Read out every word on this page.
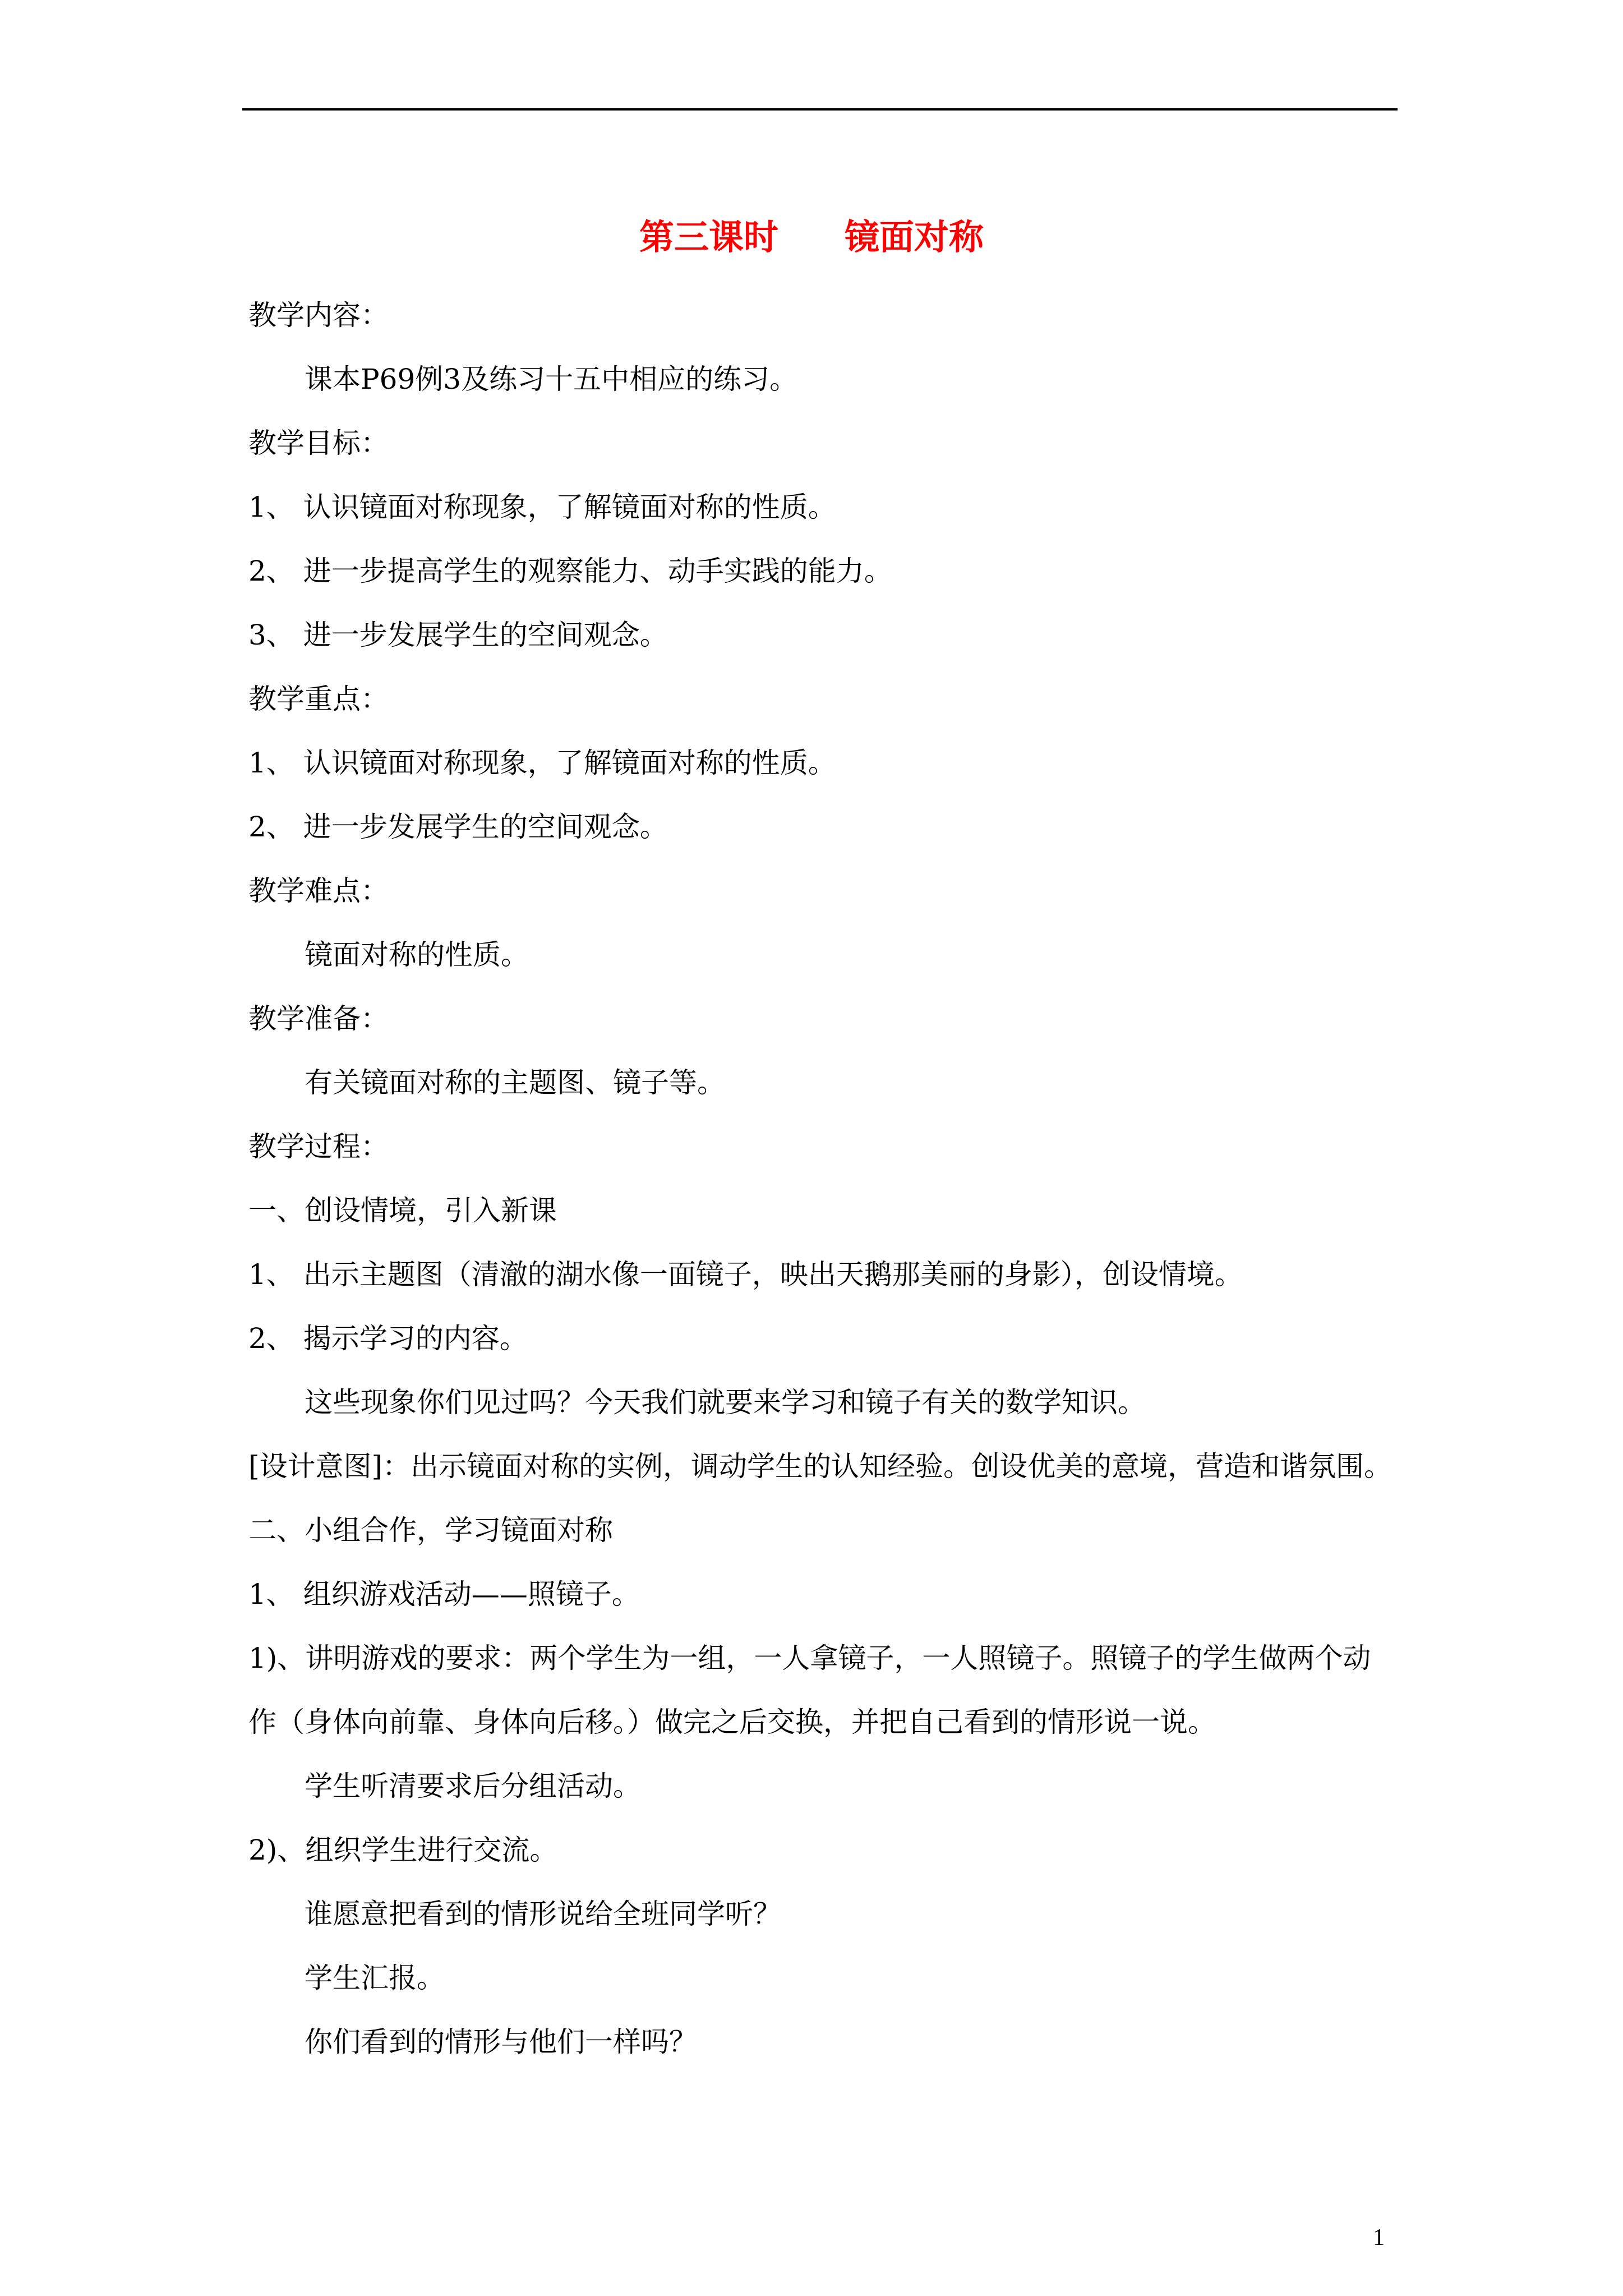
第三课时 镜面对称
教学内容：
课本P69例3及练习十五中相应的练习。
教学目标：
1、 认识镜面对称现象，了解镜面对称的性质。
2、 进一步提高学生的观察能力、动手实践的能力。
3、 进一步发展学生的空间观念。
教学重点：
1、 认识镜面对称现象，了解镜面对称的性质。
2、 进一步发展学生的空间观念。
教学难点：
镜面对称的性质。
教学准备：
有关镜面对称的主题图、镜子等。
教学过程：
一、创设情境，引入新课
1、 出示主题图（清澈的湖水像一面镜子，映出天鹅那美丽的身影），创设情境。
2、 揭示学习的内容。
这些现象你们见过吗？今天我们就要来学习和镜子有关的数学知识。
[设计意图]：出示镜面对称的实例，调动学生的认知经验。创设优美的意境，营造和谐氛围。
二、小组合作，学习镜面对称
1、 组织游戏活动——照镜子。
1)、讲明游戏的要求：两个学生为一组，一人拿镜子，一人照镜子。照镜子的学生做两个动
作（身体向前靠、身体向后移。）做完之后交换，并把自己看到的情形说一说。
学生听清要求后分组活动。
2)、组织学生进行交流。
谁愿意把看到的情形说给全班同学听？
学生汇报。
你们看到的情形与他们一样吗？
1
